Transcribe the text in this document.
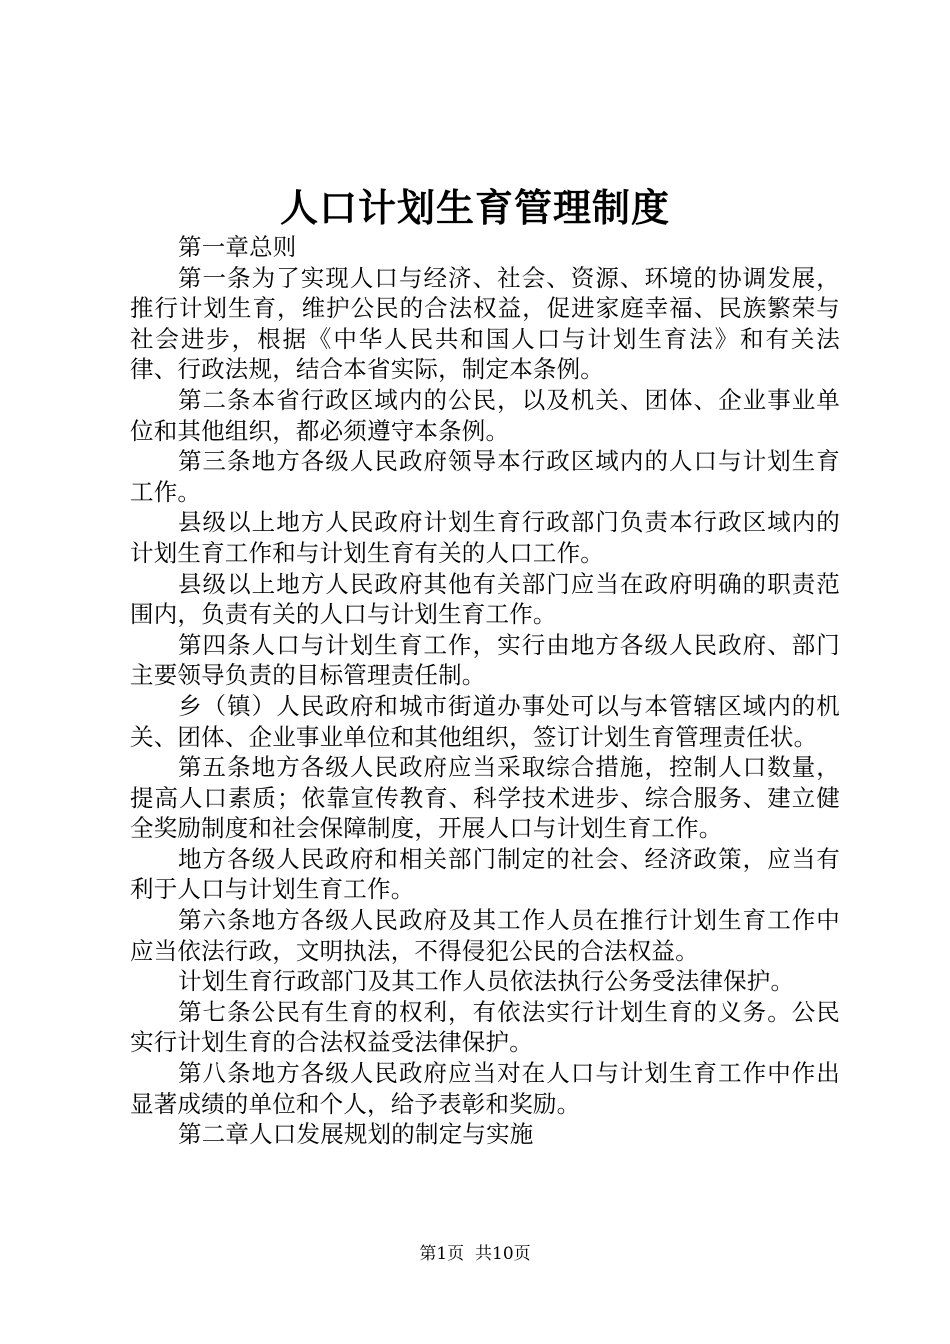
人口计划生育管理制度

第一章总则

第一条为了实现人口与经济、社会、资源、环境的协调发展，推行计划生育，维护公民的合法权益，促进家庭幸福、民族繁荣与社会进步，根据《中华人民共和国人口与计划生育法》和有关法律、行政法规，结合本省实际，制定本条例。

第二条本省行政区域内的公民，以及机关、团体、企业事业单位和其他组织，都必须遵守本条例。

第三条地方各级人民政府领导本行政区域内的人口与计划生育工作。

县级以上地方人民政府计划生育行政部门负责本行政区域内的计划生育工作和与计划生育有关的人口工作。

县级以上地方人民政府其他有关部门应当在政府明确的职责范围内，负责有关的人口与计划生育工作。

第四条人口与计划生育工作，实行由地方各级人民政府、部门主要领导负责的目标管理责任制。

乡（镇）人民政府和城市街道办事处可以与本管辖区域内的机关、团体、企业事业单位和其他组织，签订计划生育管理责任状。

第五条地方各级人民政府应当采取综合措施，控制人口数量，提高人口素质；依靠宣传教育、科学技术进步、综合服务、建立健全奖励制度和社会保障制度，开展人口与计划生育工作。

地方各级人民政府和相关部门制定的社会、经济政策，应当有利于人口与计划生育工作。

第六条地方各级人民政府及其工作人员在推行计划生育工作中应当依法行政，文明执法，不得侵犯公民的合法权益。

计划生育行政部门及其工作人员依法执行公务受法律保护。

第七条公民有生育的权利，有依法实行计划生育的义务。公民实行计划生育的合法权益受法律保护。

第八条地方各级人民政府应当对在人口与计划生育工作中作出显著成绩的单位和个人，给予表彰和奖励。

第二章人口发展规划的制定与实施

第1页 共10页
